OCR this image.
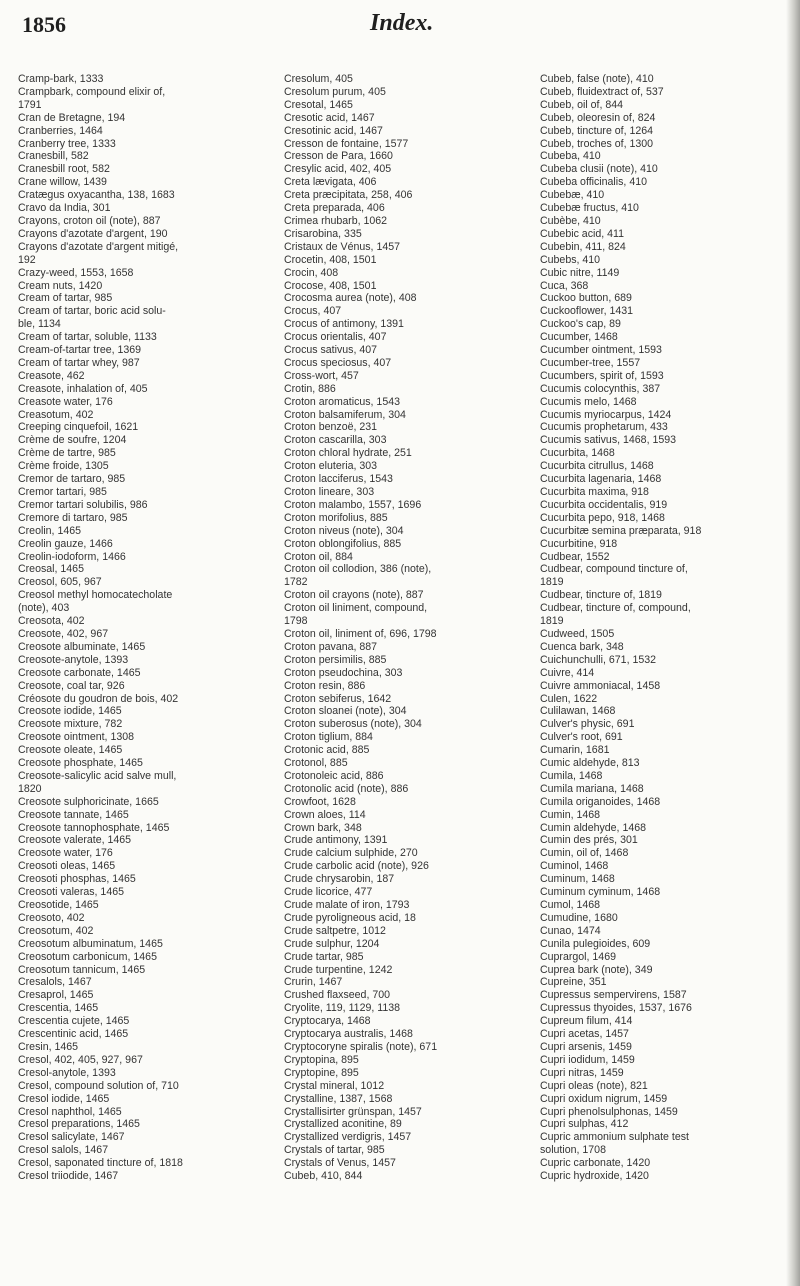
1856	Index.
Cramp-bark, 1333
Crampbark, compound elixir of,
1791
Cran de Bretagne, 194
Cranberries, 1464
Cranberry tree, 1333
Cranesbill, 582
Cranesbill root, 582
Crane willow, 1439
Cratægus oxyacantha, 138, 1683
Cravo da India, 301
Crayons, croton oil (note), 887
Crayons d'azotate d'argent, 190
Crayons d'azotate d'argent mitigé,
192
Crazy-weed, 1553, 1658
Cream nuts, 1420
Cream of tartar, 985
Cream of tartar, boric acid solu-
ble, 1134
Cream of tartar, soluble, 1133
Cream-of-tartar tree, 1369
Cream of tartar whey, 987
Creasote, 462
Creasote, inhalation of, 405
Creasote water, 176
Creasotum, 402
Creeping cinquefoil, 1621
Crème de soufre, 1204
Crème de tartre, 985
Crème froide, 1305
Cremor de tartaro, 985
Cremor tartari, 985
Cremor tartari solubilis, 986
Cremore di tartaro, 985
Creolin, 1465
Creolin gauze, 1466
Creolin-iodoform, 1466
Creosal, 1465
Creosol, 605, 967
Creosol methyl homocatecholate
(note), 403
Creosota, 402
Creosote, 402, 967
Creosote albuminate, 1465
Creosote-anytole, 1393
Creosote carbonate, 1465
Creosote, coal tar, 926
Créosote du goudron de bois, 402
Creosote iodide, 1465
Creosote mixture, 782
Creosote ointment, 1308
Creosote oleate, 1465
Creosote phosphate, 1465
Creosote-salicylic acid salve mull,
1820
Creosote sulphoricinate, 1665
Creosote tannate, 1465
Creosote tannophosphate, 1465
Creosote valerate, 1465
Creosote water, 176
Creosoti oleas, 1465
Creosoti phosphas, 1465
Creosoti valeras, 1465
Creosotide, 1465
Creosoto, 402
Creosotum, 402
Creosotum albuminatum, 1465
Creosotum carbonicum, 1465
Creosotum tannicum, 1465
Cresalols, 1467
Cresaprol, 1465
Crescentia, 1465
Crescentia cujete, 1465
Crescentinic acid, 1465
Cresin, 1465
Cresol, 402, 405, 927, 967
Cresol-anytole, 1393
Cresol, compound solution of, 710
Cresol iodide, 1465
Cresol naphthol, 1465
Cresol preparations, 1465
Cresol salicylate, 1467
Cresol salols, 1467
Cresol, saponated tincture of, 1818
Cresol triiodide, 1467
Cresolum, 405
Cresolum purum, 405
Cresotal, 1465
Cresotic acid, 1467
Cresotinic acid, 1467
Cresson de fontaine, 1577
Cresson de Para, 1660
Cresylic acid, 402, 405
Creta lævigata, 406
Creta præcipitata, 258, 406
Creta preparada, 406
Crimea rhubarb, 1062
Crisarobina, 335
Cristaux de Vénus, 1457
Crocetin, 408, 1501
Crocin, 408
Crocose, 408, 1501
Crocosma aurea (note), 408
Crocus, 407
Crocus of antimony, 1391
Crocus orientalis, 407
Crocus sativus, 407
Crocus speciosus, 407
Cross-wort, 457
Crotin, 886
Croton aromaticus, 1543
Croton balsamiferum, 304
Croton benzoë, 231
Croton cascarilla, 303
Croton chloral hydrate, 251
Croton eluteria, 303
Croton lacciferus, 1543
Croton lineare, 303
Croton malambo, 1557, 1696
Croton morifolius, 885
Croton niveus (note), 304
Croton oblongifolius, 885
Croton oil, 884
Croton oil collodion, 386 (note),
1782
Croton oil crayons (note), 887
Croton oil liniment, compound,
1798
Croton oil, liniment of, 696, 1798
Croton pavana, 887
Croton persimilis, 885
Croton pseudochina, 303
Croton resin, 886
Croton sebiferus, 1642
Croton sloanei (note), 304
Croton suberosus (note), 304
Croton tiglium, 884
Crotonic acid, 885
Crotonol, 885
Crotonoleic acid, 886
Crotonolic acid (note), 886
Crowfoot, 1628
Crown aloes, 114
Crown bark, 348
Crude antimony, 1391
Crude calcium sulphide, 270
Crude carbolic acid (note), 926
Crude chrysarobin, 187
Crude licorice, 477
Crude malate of iron, 1793
Crude pyroligneous acid, 18
Crude saltpetre, 1012
Crude sulphur, 1204
Crude tartar, 985
Crude turpentine, 1242
Crurin, 1467
Crushed flaxseed, 700
Cryolite, 119, 1129, 1138
Cryptocarya, 1468
Cryptocarya australis, 1468
Cryptocoryne spiralis (note), 671
Cryptopina, 895
Cryptopine, 895
Crystal mineral, 1012
Crystalline, 1387, 1568
Crystallisirter grünspan, 1457
Crystallized aconitine, 89
Crystallized verdigris, 1457
Crystals of tartar, 985
Crystals of Venus, 1457
Cubeb, 410, 844
Cubeb, false (note), 410
Cubeb, fluidextract of, 537
Cubeb, oil of, 844
Cubeb, oleoresin of, 824
Cubeb, tincture of, 1264
Cubeb, troches of, 1300
Cubeba, 410
Cubeba clusii (note), 410
Cubeba officinalis, 410
Cubebæ, 410
Cubebæ fructus, 410
Cubèbe, 410
Cubebic acid, 411
Cubebin, 411, 824
Cubebs, 410
Cubic nitre, 1149
Cuca, 368
Cuckoo button, 689
Cuckooflower, 1431
Cuckoo's cap, 89
Cucumber, 1468
Cucumber ointment, 1593
Cucumber-tree, 1557
Cucumbers, spirit of, 1593
Cucumis colocynthis, 387
Cucumis melo, 1468
Cucumis myriocarpus, 1424
Cucumis prophetarum, 433
Cucumis sativus, 1468, 1593
Cucurbita, 1468
Cucurbita citrullus, 1468
Cucurbita lagenaria, 1468
Cucurbita maxima, 918
Cucurbita occidentalis, 919
Cucurbita pepo, 918, 1468
Cucurbitæ semina præparata, 918
Cucurbitine, 918
Cudbear, 1552
Cudbear, compound tincture of,
1819
Cudbear, tincture of, 1819
Cudbear, tincture of, compound,
1819
Cudweed, 1505
Cuenca bark, 348
Cuichunchulli, 671, 1532
Cuivre, 414
Cuivre ammoniacal, 1458
Culen, 1622
Culilawan, 1468
Culver's physic, 691
Culver's root, 691
Cumarin, 1681
Cumic aldehyde, 813
Cumila, 1468
Cumila mariana, 1468
Cumila origanoides, 1468
Cumin, 1468
Cumin aldehyde, 1468
Cumin des prés, 301
Cumin, oil of, 1468
Cuminol, 1468
Cuminum, 1468
Cuminum cyminum, 1468
Cumol, 1468
Cumudine, 1680
Cunao, 1474
Cunila pulegioides, 609
Cuprargol, 1469
Cuprea bark (note), 349
Cupreine, 351
Cupressus sempervirens, 1587
Cupressus thyoides, 1537, 1676
Cupreum filum, 414
Cupri acetas, 1457
Cupri arsenis, 1459
Cupri iodidum, 1459
Cupri nitras, 1459
Cupri oleas (note), 821
Cupri oxidum nigrum, 1459
Cupri phenolsulphonas, 1459
Cupri sulphas, 412
Cupric ammonium sulphate test
solution, 1708
Cupric carbonate, 1420
Cupric hydroxide, 1420
